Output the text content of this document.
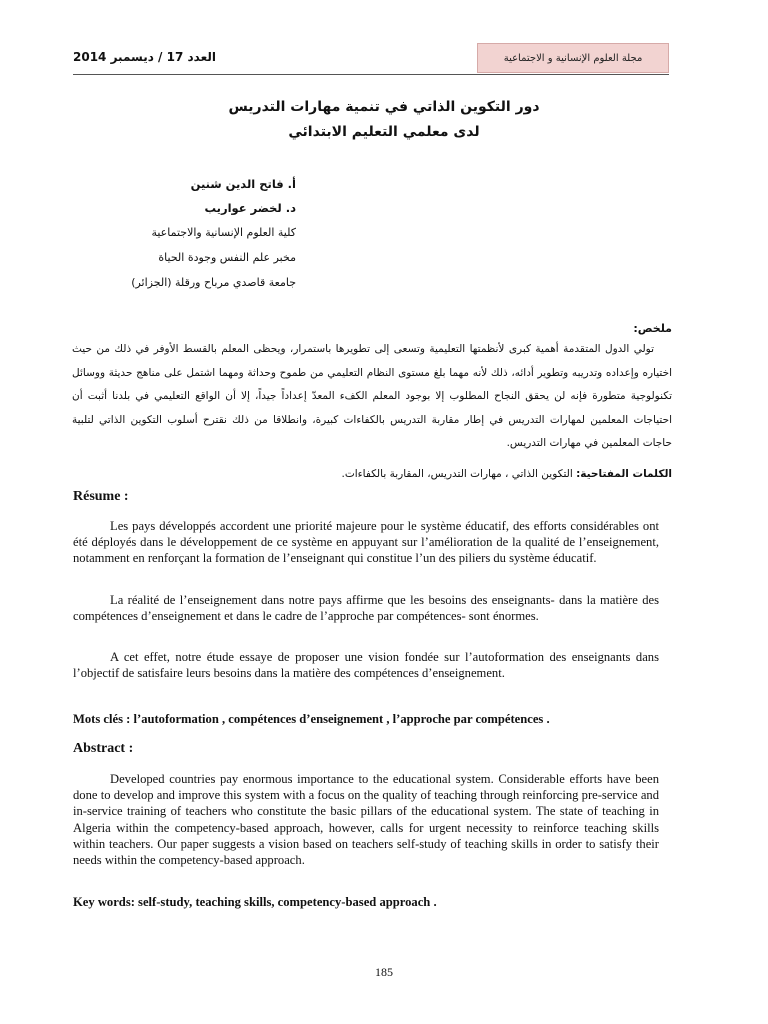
العدد 17 / ديسمبر 2014	مجلة العلوم الإنسانية و الاجتماعية
دور التكوين الذاتي في تنمية مهارات التدريس
لدى معلمي التعليم الابتدائي
أ. فاتح الدين شنين
د. لخضر عواريب
كلية العلوم الإنسانية والاجتماعية
مخبر علم النفس وجودة الحياة
جامعة قاصدي مرباح ورقلة (الجزائر)
ملخص:
تولي الدول المتقدمة أهمية كبرى لأنظمتها التعليمية وتسعى إلى تطويرها باستمرار، ويحظى المعلم بالقسط الأوفر في ذلك من حيث اختياره وإعداده وتدريبه وتطوير أدائه، ذلك لأنه مهما بلغ مستوى النظام التعليمي من طموح وحداثة ومهما اشتمل على مناهج حديثة ووسائل تكنولوجية متطورة فإنه لن يحقق النجاح المطلوب إلا بوجود المعلم الكفء المعدّ إعداداً جيداً، إلا أن الواقع التعليمي في بلدنا أثبت أن احتياجات المعلمين لمهارات التدريس في إطار مقاربة التدريس بالكفاءات كبيرة، وانطلاقا من ذلك نقترح أسلوب التكوين الذاتي لتلبية حاجات المعلمين في مهارات التدريس.
الكلمات المفتاحية: التكوين الذاتي ، مهارات التدريس، المقاربة بالكفاءات.
Résume :

Les pays développés accordent une priorité majeure pour le système éducatif, des efforts considérables ont été déployés dans le développement de ce système en appuyant sur l’amélioration de la qualité de l’enseignement, notamment en renforçant la formation de l’enseignant qui constitue l’un des piliers du système éducatif.

La réalité de l’enseignement dans notre pays affirme que les besoins des enseignants- dans la matière des compétences d’enseignement et dans le cadre de l’approche par compétences- sont énormes.

A cet effet, notre étude essaye de proposer une vision fondée sur l’autoformation des enseignants dans l’objectif de satisfaire leurs besoins dans la matière des compétences d’enseignement.

Mots clés : l’autoformation , compétences d’enseignement , l’approche par compétences .
Abstract :

Developed countries pay enormous importance to the educational system. Considerable efforts have been done to develop and improve this system with a focus on the quality of teaching through reinforcing pre-service and in-service training of teachers who constitute the basic pillars of the educational system. The state of teaching in Algeria within the competency-based approach, however, calls for urgent necessity to reinforce teaching skills within teachers. Our paper suggests a vision based on teachers self-study of teaching skills in order to satisfy their needs within the competency-based approach.

Key words: self-study, teaching skills, competency-based approach .
185
